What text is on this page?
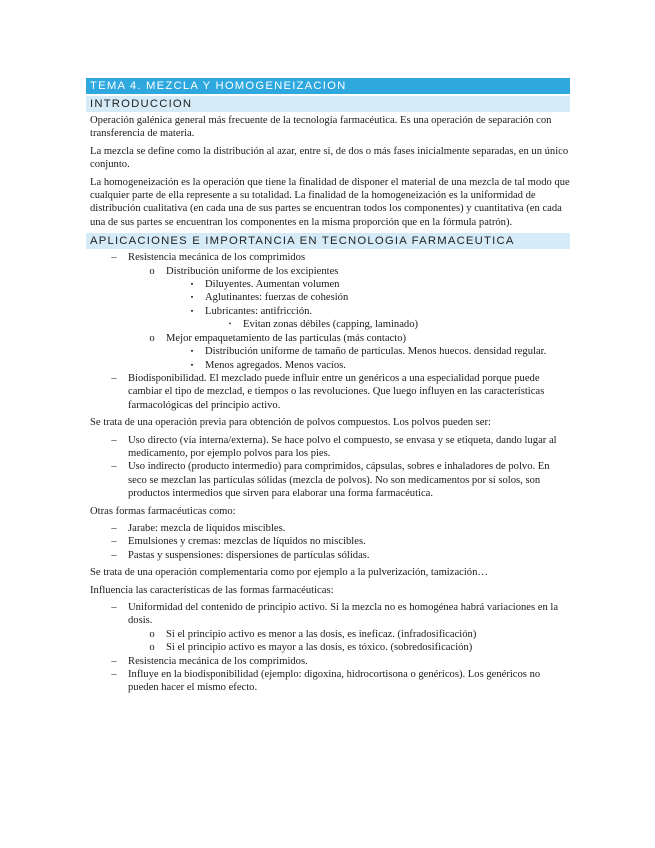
TEMA 4. MEZCLA Y HOMOGENEIZACION
INTRODUCCION

Operación galénica general más frecuente de la tecnología farmacéutica. Es una operación de separación con transferencia de materia.

La mezcla se define como la distribución al azar, entre sí, de dos o más fases inicialmente separadas, en un único conjunto.

La homogeneización es la operación que tiene la finalidad de disponer el material de una mezcla de tal modo que cualquier parte de ella represente a su totalidad. La finalidad de la homogeneización es la uniformidad de distribución cualitativa (en cada una de sus partes se encuentran todos los componentes) y cuantitativa (en cada una de sus partes se encuentran los componentes en la misma proporción que en la fórmula patrón).

APLICACIONES E IMPORTANCIA EN TECNOLOGIA FARMACEUTICA
–	Resistencia mecánica de los comprimidos
o	Distribución uniforme de los excipientes
▪	Diluyentes. Aumentan volumen
▪	Aglutinantes: fuerzas de cohesión
▪	Lubricantes: antifricción.
•	Evitan zonas débiles (capping, laminado)
o	Mejor empaquetamiento de las partículas (más contacto)
▪	Distribución uniforme de tamaño de partículas. Menos huecos. densidad regular.
▪	Menos agregados. Menos vacíos.
–	Biodisponibilidad. El mezclado puede influir entre un genéricos a una especialidad porque puede cambiar el tipo de mezclad, e tiempos o las revoluciones. Que luego influyen en las características farmacológicas del principio activo.

Se trata de una operación previa para obtención de polvos compuestos. Los polvos pueden ser:

–	Uso directo (vía interna/externa). Se hace polvo el compuesto, se envasa y se etiqueta, dando lugar al medicamento, por ejemplo polvos para los pies.
–	Uso indirecto (producto intermedio) para comprimidos, cápsulas, sobres e inhaladores de polvo. En seco se mezclan las partículas sólidas (mezcla de polvos). No son medicamentos por sí solos, son productos intermedios que sirven para elaborar una forma farmacéutica.

Otras formas farmacéuticas como:

–	Jarabe: mezcla de líquidos miscibles.
–	Emulsiones y cremas: mezclas de líquidos no miscibles.
–	Pastas y suspensiones: dispersiones de partículas sólidas.

Se trata de una operación complementaria como por ejemplo a la pulverización, tamización…

Influencia las características de las formas farmacéuticas:

–	Uniformidad del contenido de principio activo. Si la mezcla no es homogénea habrá variaciones en la dosis.
o	Si el principio activo es menor a las dosis, es ineficaz. (infradosificación)
o	Si el principio activo es mayor a las dosis, es tóxico. (sobredosificación)
–	Resistencia mecánica de los comprimidos.
–	Influye en la biodisponibilidad (ejemplo: digoxina, hidrocortisona o genéricos). Los genéricos no pueden hacer el mismo efecto.
